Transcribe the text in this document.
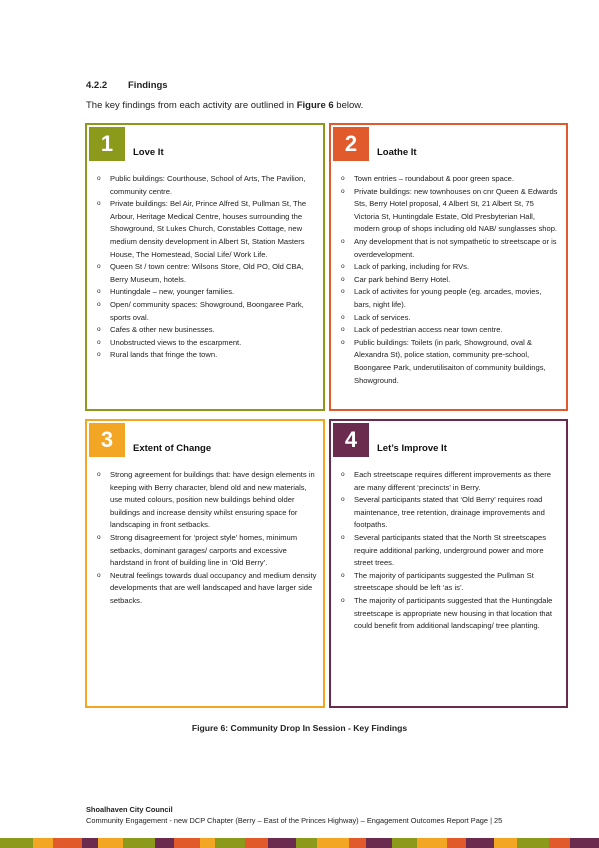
4.2.2 Findings
The key findings from each activity are outlined in Figure 6 below.
1	Love It
o Public buildings: Courthouse, School of Arts, The Pavilion, community centre.
o Private buildings: Bel Air, Prince Alfred St, Pullman St, The Arbour, Heritage Medical Centre, houses surrounding the Showground, St Lukes Church, Constables Cottage, new medium density development in Albert St, Station Masters House, The Homestead, Social Life/ Work Life.
o Queen St / town centre: Wilsons Store, Old PO, Old CBA, Berry Museum, hotels.
o Huntingdale – new, younger families.
o Open/ community spaces: Showground, Boongaree Park, sports oval.
o Cafes & other new businesses.
o Unobstructed views to the escarpment.
o Rural lands that fringe the town.
2	Loathe It
o Town entries – roundabout & poor green space.
o Private buildings: new townhouses on cnr Queen & Edwards Sts, Berry Hotel proposal, 4 Albert St, 21 Albert St, 75 Victoria St, Huntingdale Estate, Old Presbyterian Hall, modern group of shops including old NAB/ sunglasses shop.
o Any development that is not sympathetic to streetscape or is overdevelopment.
o Lack of parking, including for RVs.
o Car park behind Berry Hotel.
o Lack of activites for young people (eg. arcades, movies, bars, night life).
o Lack of services.
o Lack of pedestrian access near town centre.
o Public buildings: Toilets (in park, Showground, oval & Alexandra St), police station, community pre-school, Boongaree Park, underutilisaiton of community buildings, Showground.
3	Extent of Change
o Strong agreement for buildings that: have design elements in keeping with Berry character, blend old and new materials, use muted colours, position new buildings behind older buildings and increase density whilst ensuring space for landscaping in front setbacks.
o Strong disagreement for ‘project style’ homes, minimum setbacks, dominant garages/ carports and excessive hardstand in front of building line in ‘Old Berry’.
o Neutral feelings towards dual occupancy and medium density developments that are well landscaped and have larger side setbacks.
4	Let’s Improve It
o Each streetscape requires different improvements as there are many different ‘precincts’ in Berry.
o Several participants stated that ‘Old Berry’ requires road maintenance, tree retention, drainage improvements and footpaths.
o Several participants stated that the North St streetscapes require additional parking, underground power and more street trees.
o The majority of participants suggested the Pullman St streetscape should be left ‘as is’.
o The majority of participants suggested that the Huntingdale streetscape is appropriate new housing in that location that could benefit from additional landscaping/ tree planting.
Figure 6: Community Drop In Session - Key Findings
Shoalhaven City Council
Community Engagement - new DCP Chapter (Berry – East of the Princes Highway) – Engagement Outcomes Report Page | 25
